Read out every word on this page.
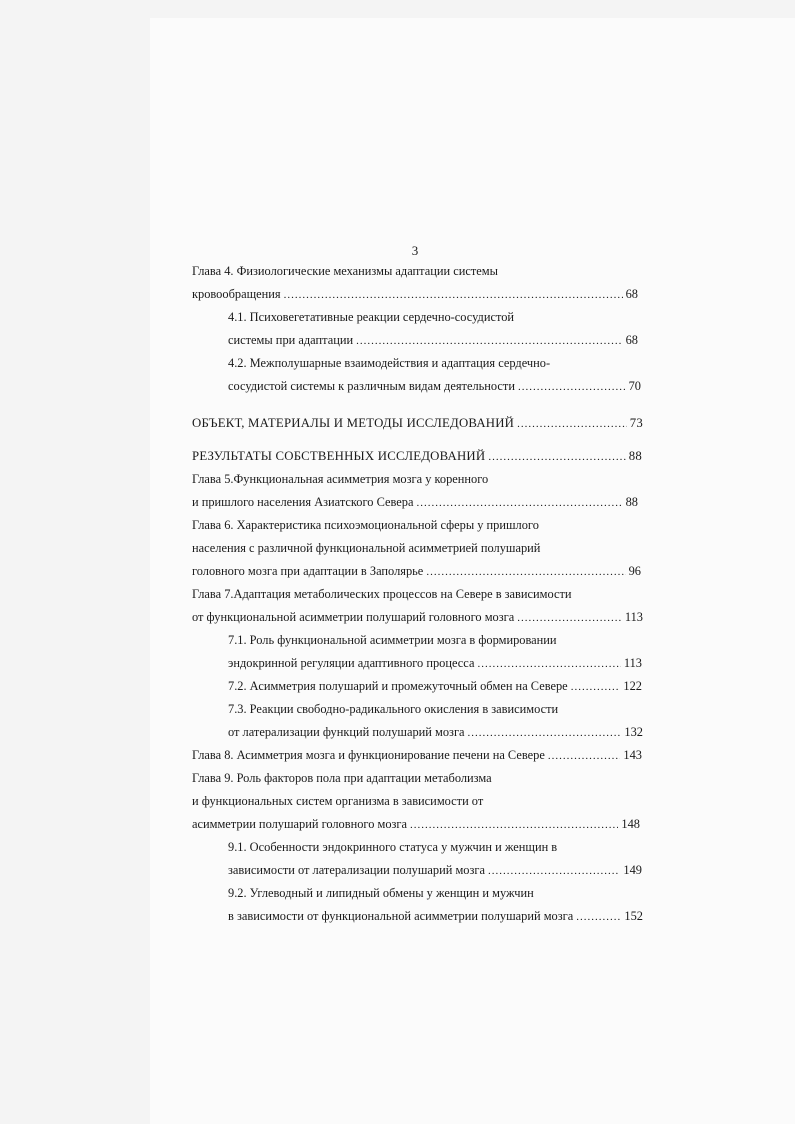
3
Глава 4. Физиологические механизмы адаптации системы
кровообращения .....	68
4.1. Психовегетативные реакции сердечно-сосудистой
системы при адаптации .....	68
4.2. Межполушарные взаимодействия и адаптация сердечно-
сосудистой системы к различным видам деятельности .....	70
ОБЪЕКТ, МАТЕРИАЛЫ И МЕТОДЫ ИССЛЕДОВАНИЙ .....	73
РЕЗУЛЬТАТЫ СОБСТВЕННЫХ ИССЛЕДОВАНИЙ .....	88
Глава 5.Функциональная асимметрия мозга у коренного
и пришлого населения Азиатского Севера .....	88
Глава 6. Характеристика психоэмоциональной сферы у пришлого
населения с различной функциональной асимметрией полушарий
головного мозга при адаптации в Заполярье .....	96
Глава 7.Адаптация метаболических процессов на Севере в зависимости
от функциональной асимметрии полушарий головного мозга .....	113
7.1. Роль функциональной асимметрии мозга в формировании
эндокринной регуляции адаптивного процесса .....	113
7.2. Асимметрия полушарий и промежуточный обмен на Севере .....	122
7.3. Реакции свободно-радикального окисления в зависимости
от латерализации функций полушарий мозга .....	132
Глава 8. Асимметрия мозга и функционирование печени на Севере .....	143
Глава 9. Роль факторов пола при адаптации метаболизма
и функциональных систем организма в зависимости от
асимметрии полушарий головного мозга .....	148
9.1. Особенности эндокринного статуса у мужчин и женщин в
зависимости от латерализации полушарий мозга .....	149
9.2. Углеводный и липидный обмены у женщин и мужчин
в зависимости от функциональной асимметрии полушарий мозга .....	152
